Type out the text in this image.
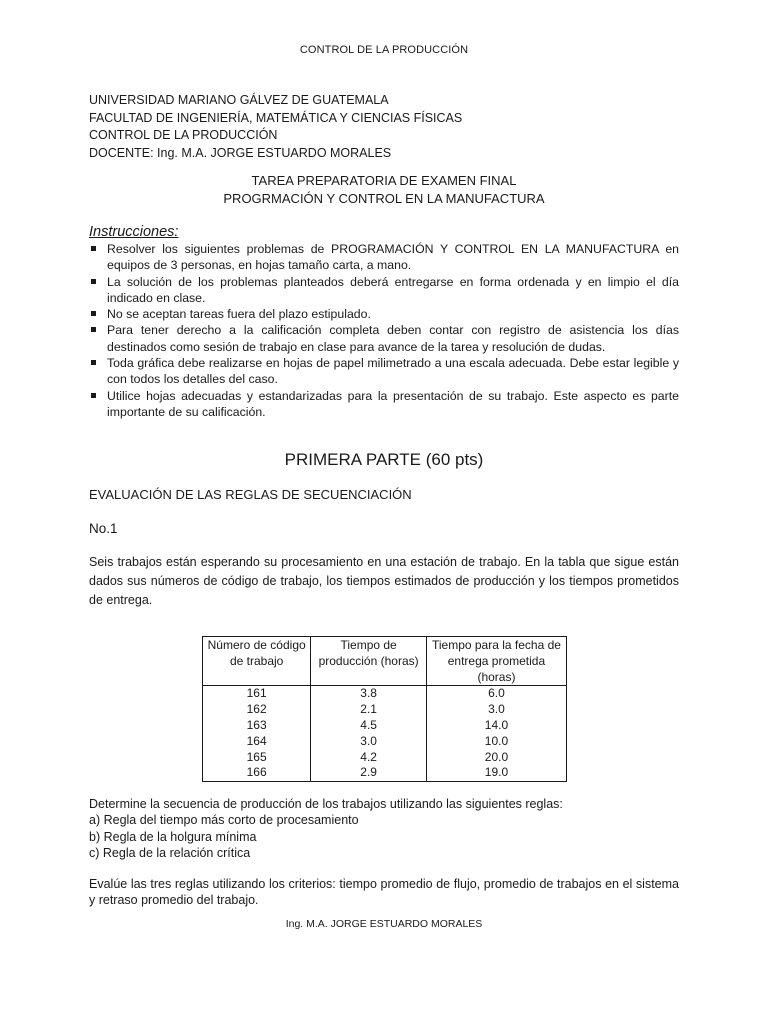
CONTROL DE LA PRODUCCIÓN
UNIVERSIDAD MARIANO GÁLVEZ DE GUATEMALA
FACULTAD DE INGENIERÍA, MATEMÁTICA Y CIENCIAS FÍSICAS
CONTROL DE LA PRODUCCIÓN
DOCENTE: Ing. M.A. JORGE ESTUARDO MORALES
TAREA PREPARATORIA DE EXAMEN FINAL
PROGRMACIÓN Y CONTROL EN LA MANUFACTURA
Instrucciones:
Resolver los siguientes problemas de PROGRAMACIÓN Y CONTROL EN LA MANUFACTURA en equipos de 3 personas, en hojas tamaño carta, a mano.
La solución de los problemas planteados deberá entregarse en forma ordenada y en limpio el día indicado en clase.
No se aceptan tareas fuera del plazo estipulado.
Para tener derecho a la calificación completa deben contar con registro de asistencia los días destinados como sesión de trabajo en clase para avance de la tarea y resolución de dudas.
Toda gráfica debe realizarse en hojas de papel milimetrado a una escala adecuada. Debe estar legible y con todos los detalles del caso.
Utilice hojas adecuadas y estandarizadas para la presentación de su trabajo. Este aspecto es parte importante de su calificación.
PRIMERA PARTE (60 pts)
EVALUACIÓN DE LAS REGLAS DE SECUENCIACIÓN
No.1
Seis trabajos están esperando su procesamiento en una estación de trabajo. En la tabla que sigue están dados sus números de código de trabajo, los tiempos estimados de producción y los tiempos prometidos de entrega.
Número de código de trabajo	Tiempo de producción (horas)	Tiempo para la fecha de entrega prometida (horas)
161	3.8	6.0
162	2.1	3.0
163	4.5	14.0
164	3.0	10.0
165	4.2	20.0
166	2.9	19.0
Determine la secuencia de producción de los trabajos utilizando las siguientes reglas:
a) Regla del tiempo más corto de procesamiento
b) Regla de la holgura mínima
c) Regla de la relación crítica
Evalúe las tres reglas utilizando los criterios: tiempo promedio de flujo, promedio de trabajos en el sistema y retraso promedio del trabajo.
Ing. M.A. JORGE ESTUARDO MORALES
